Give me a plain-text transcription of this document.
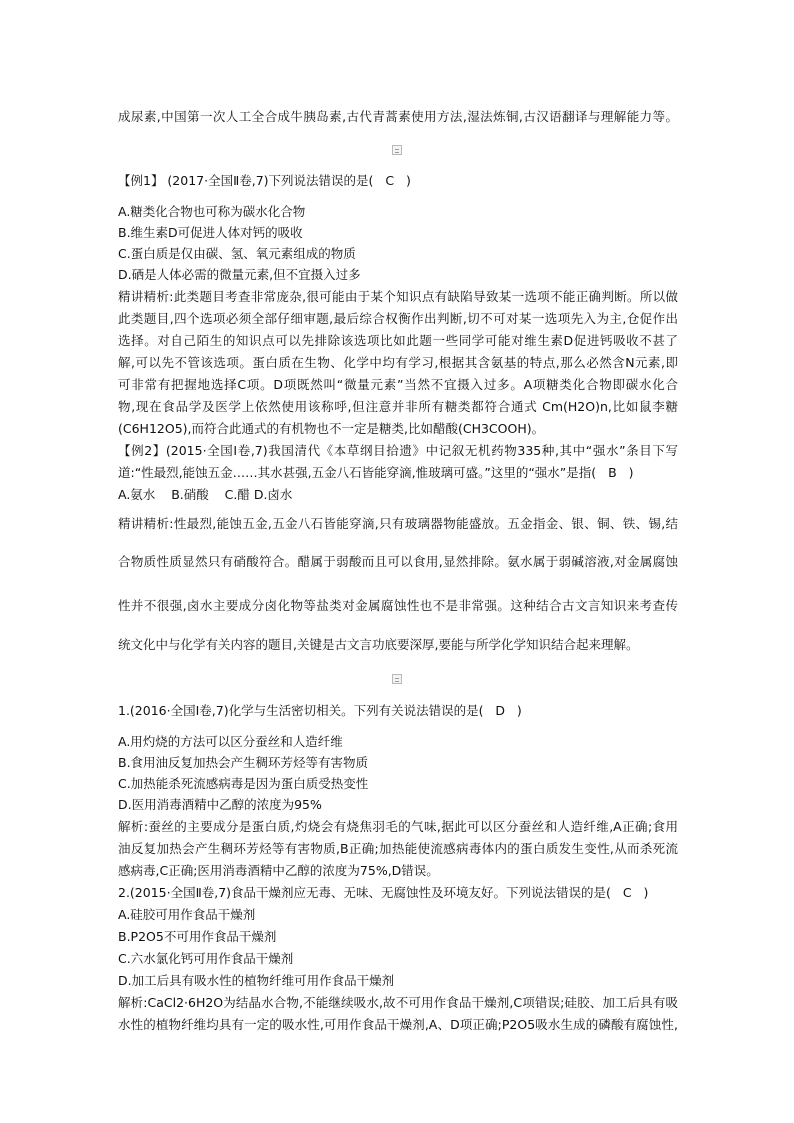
成尿素,中国第一次人工全合成牛胰岛素,古代青蒿素使用方法,湿法炼铜,古汉语翻译与理解能力等。
【例1】 (2017·全国Ⅱ卷,7)下列说法错误的是(   C   )
A.糖类化合物也可称为碳水化合物
B.维生素D可促进人体对钙的吸收
C.蛋白质是仅由碳、氢、氧元素组成的物质
D.硒是人体必需的微量元素,但不宜摄入过多
精讲精析:此类题目考查非常庞杂,很可能由于某个知识点有缺陷导致某一选项不能正确判断。所以做
此类题目,四个选项必须全部仔细审题,最后综合权衡作出判断,切不可对某一选项先入为主,仓促作出
选择。对自己陌生的知识点可以先排除该选项比如此题一些同学可能对维生素D促进钙吸收不甚了
解,可以先不管该选项。蛋白质在生物、化学中均有学习,根据其含氨基的特点,那么必然含N元素,即
可非常有把握地选择C项。D项既然叫“微量元素”当然不宜摄入过多。A项糖类化合物即碳水化合
物,现在食品学及医学上依然使用该称呼,但注意并非所有糖类都符合通式 Cm(H2O)n,比如鼠李糖
(C6H12O5),而符合此通式的有机物也不一定是糖类,比如醋酸(CH3COOH)。
【例2】(2015·全国Ⅰ卷,7)我国清代《本草纲目拾遗》中记叙无机药物335种,其中“强水”条目下写
道:“性最烈,能蚀五金……其水甚强,五金八石皆能穿滴,惟玻璃可盛。”这里的“强水”是指(   B   )
A.氨水    B.硝酸    C.醋 D.卤水
精讲精析:性最烈,能蚀五金,五金八石皆能穿滴,只有玻璃器物能盛放。五金指金、银、铜、铁、锡,结
合物质性质显然只有硝酸符合。醋属于弱酸而且可以食用,显然排除。氨水属于弱碱溶液,对金属腐蚀
性并不很强,卤水主要成分卤化物等盐类对金属腐蚀性也不是非常强。这种结合古文言知识来考查传
统文化中与化学有关内容的题目,关键是古文言功底要深厚,要能与所学化学知识结合起来理解。
1.(2016·全国Ⅰ卷,7)化学与生活密切相关。下列有关说法错误的是(   D   )
A.用灼烧的方法可以区分蚕丝和人造纤维
B.食用油反复加热会产生稠环芳烃等有害物质
C.加热能杀死流感病毒是因为蛋白质受热变性
D.医用消毒酒精中乙醇的浓度为95%
解析:蚕丝的主要成分是蛋白质,灼烧会有烧焦羽毛的气味,据此可以区分蚕丝和人造纤维,A正确;食用
油反复加热会产生稠环芳烃等有害物质,B正确;加热能使流感病毒体内的蛋白质发生变性,从而杀死流
感病毒,C正确;医用消毒酒精中乙醇的浓度为75%,D错误。
2.(2015·全国Ⅱ卷,7)食品干燥剂应无毒、无味、无腐蚀性及环境友好。下列说法错误的是(   C   )
A.硅胶可用作食品干燥剂
B.P2O5不可用作食品干燥剂
C.六水氯化钙可用作食品干燥剂
D.加工后具有吸水性的植物纤维可用作食品干燥剂
解析:CaCl2·6H2O为结晶水合物,不能继续吸水,故不可用作食品干燥剂,C项错误;硅胶、加工后具有吸
水性的植物纤维均具有一定的吸水性,可用作食品干燥剂,A、D项正确;P2O5吸水生成的磷酸有腐蚀性,
